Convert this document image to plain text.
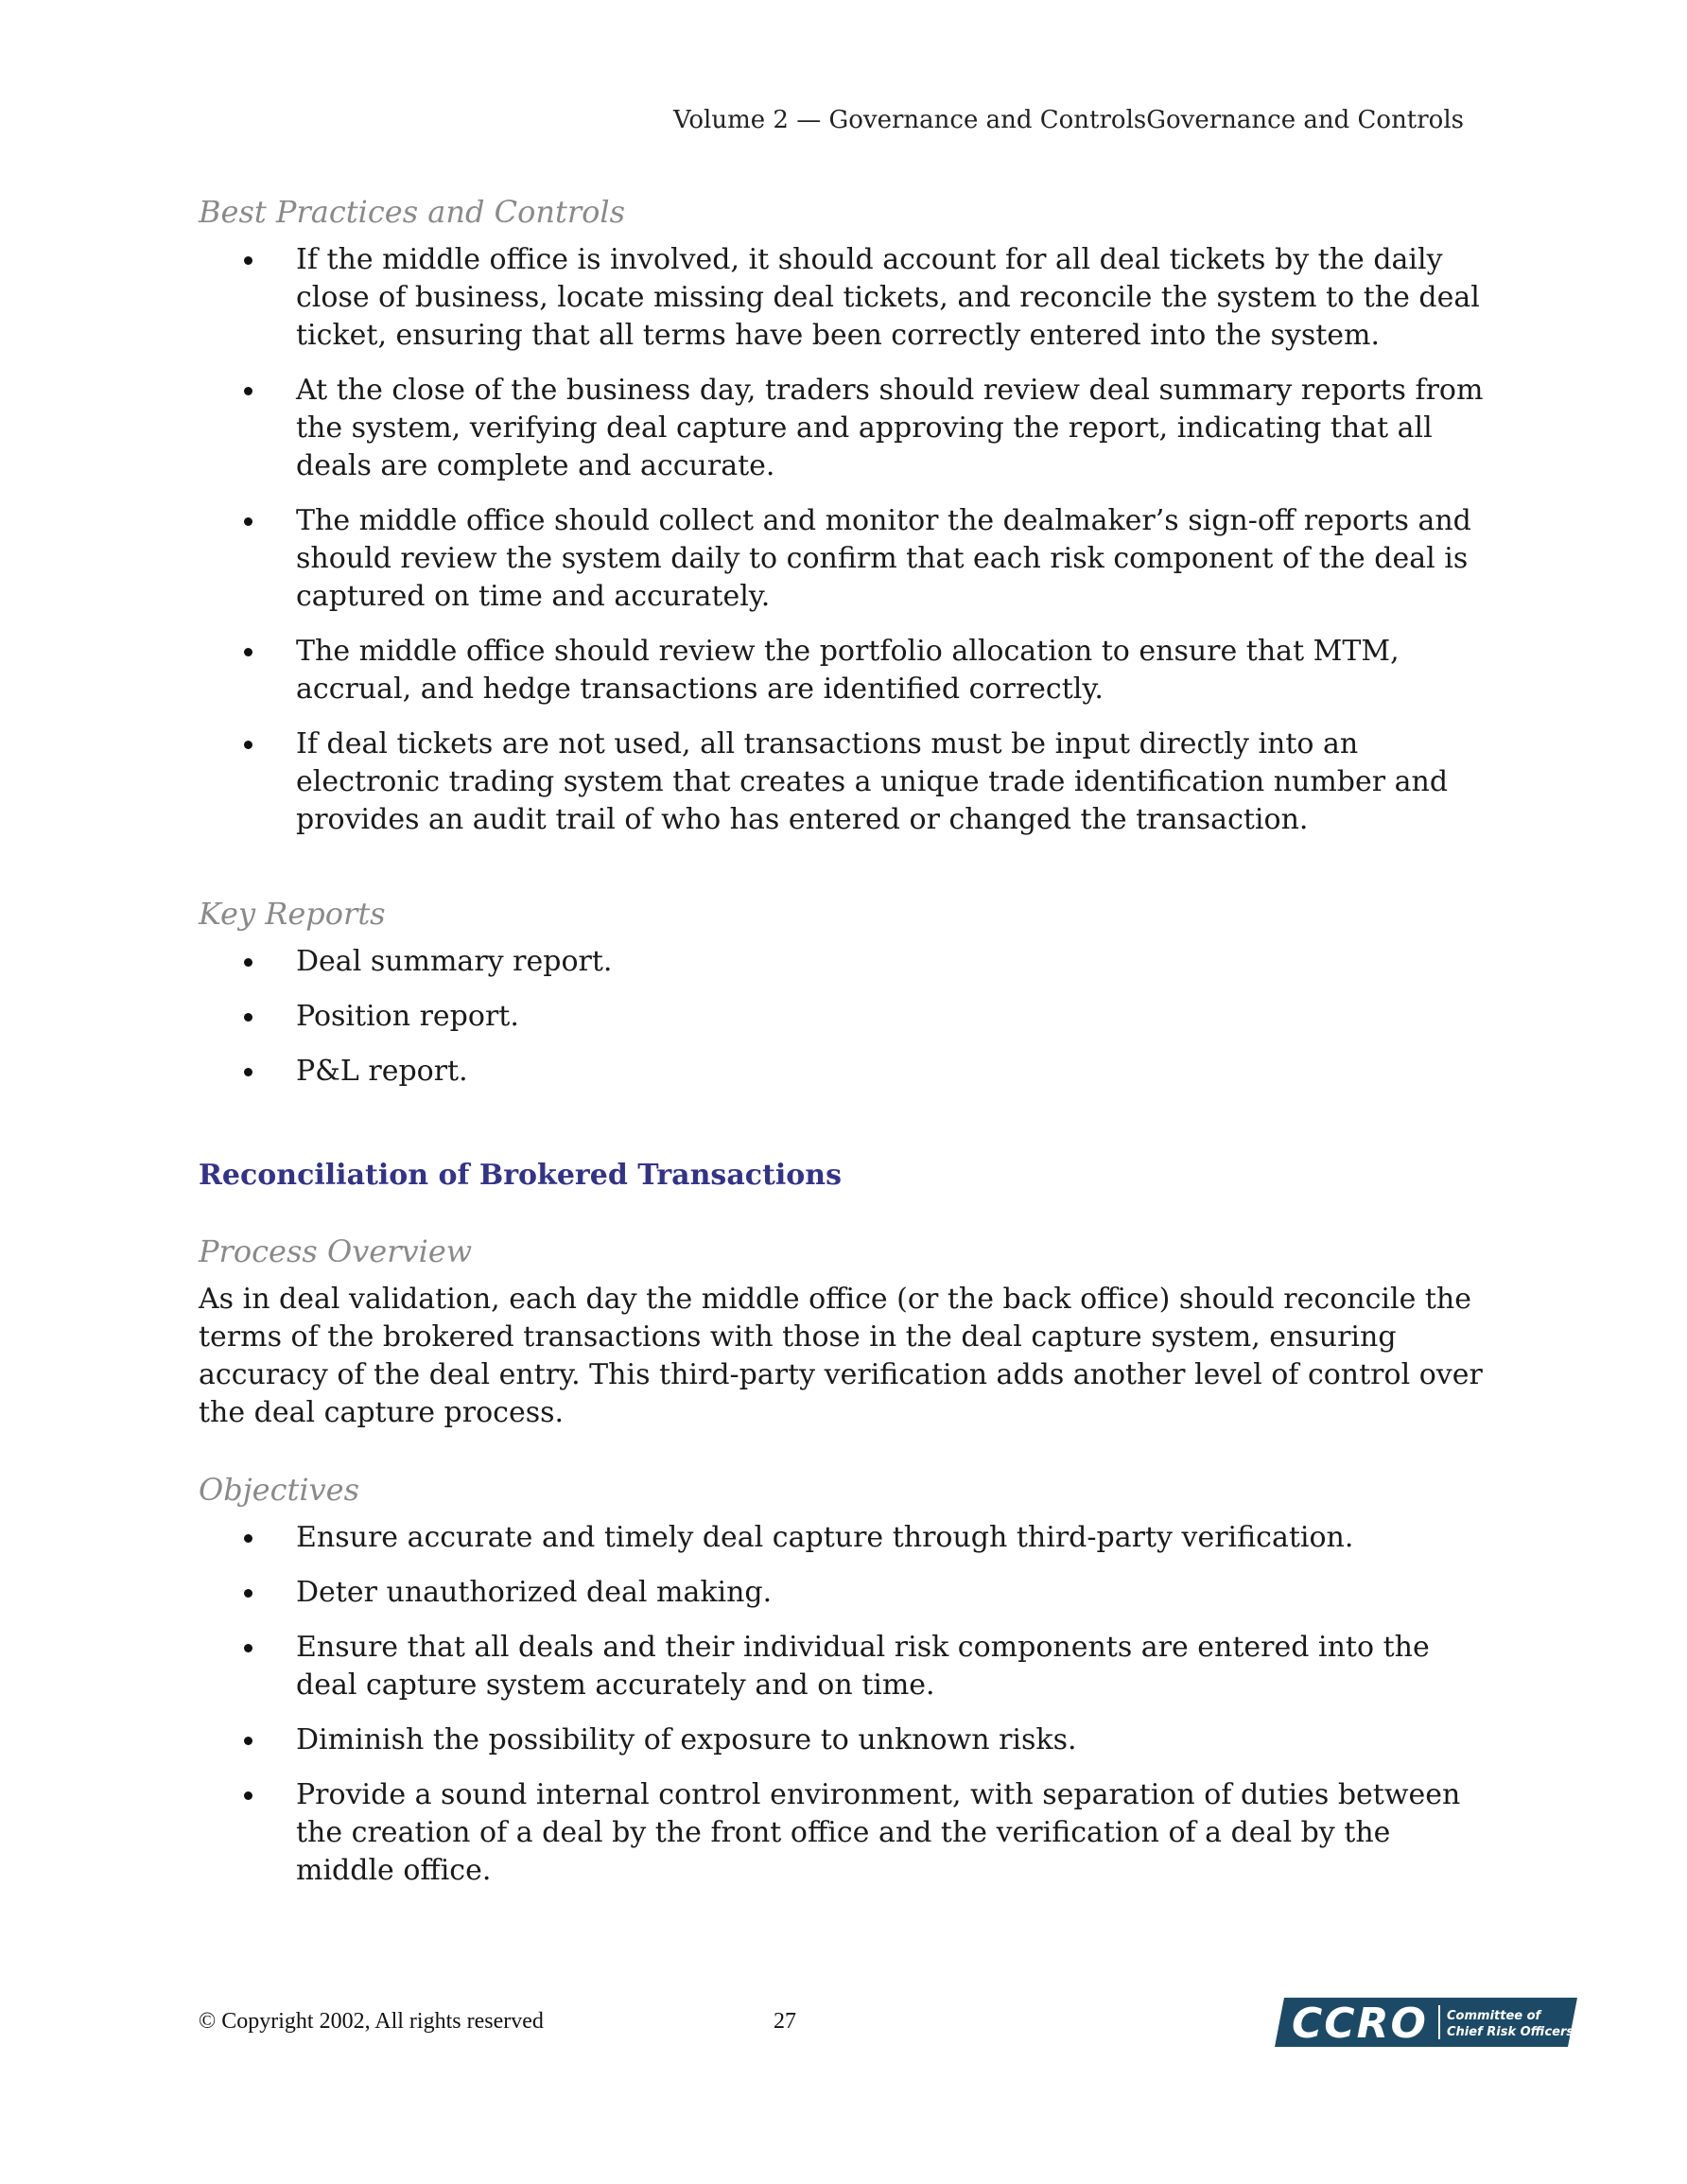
Volume 2 — Governance and ControlsGovernance and Controls
Best Practices and Controls
If the middle office is involved, it should account for all deal tickets by the daily close of business, locate missing deal tickets, and reconcile the system to the deal ticket, ensuring that all terms have been correctly entered into the system.
At the close of the business day, traders should review deal summary reports from the system, verifying deal capture and approving the report, indicating that all deals are complete and accurate.
The middle office should collect and monitor the dealmaker’s sign-off reports and should review the system daily to confirm that each risk component of the deal is captured on time and accurately.
The middle office should review the portfolio allocation to ensure that MTM, accrual, and hedge transactions are identified correctly.
If deal tickets are not used, all transactions must be input directly into an electronic trading system that creates a unique trade identification number and provides an audit trail of who has entered or changed the transaction.
Key Reports
Deal summary report.
Position report.
P&L report.
Reconciliation of Brokered Transactions
Process Overview

As in deal validation, each day the middle office (or the back office) should reconcile the terms of the brokered transactions with those in the deal capture system, ensuring accuracy of the deal entry. This third-party verification adds another level of control over the deal capture process.

Objectives
Ensure accurate and timely deal capture through third-party verification.
Deter unauthorized deal making.
Ensure that all deals and their individual risk components are entered into the deal capture system accurately and on time.
Diminish the possibility of exposure to unknown risks.
Provide a sound internal control environment, with separation of duties between the creation of a deal by the front office and the verification of a deal by the middle office.
© Copyright 2002, All rights reserved	27	CCRO Committee of
Chief Risk Officers
